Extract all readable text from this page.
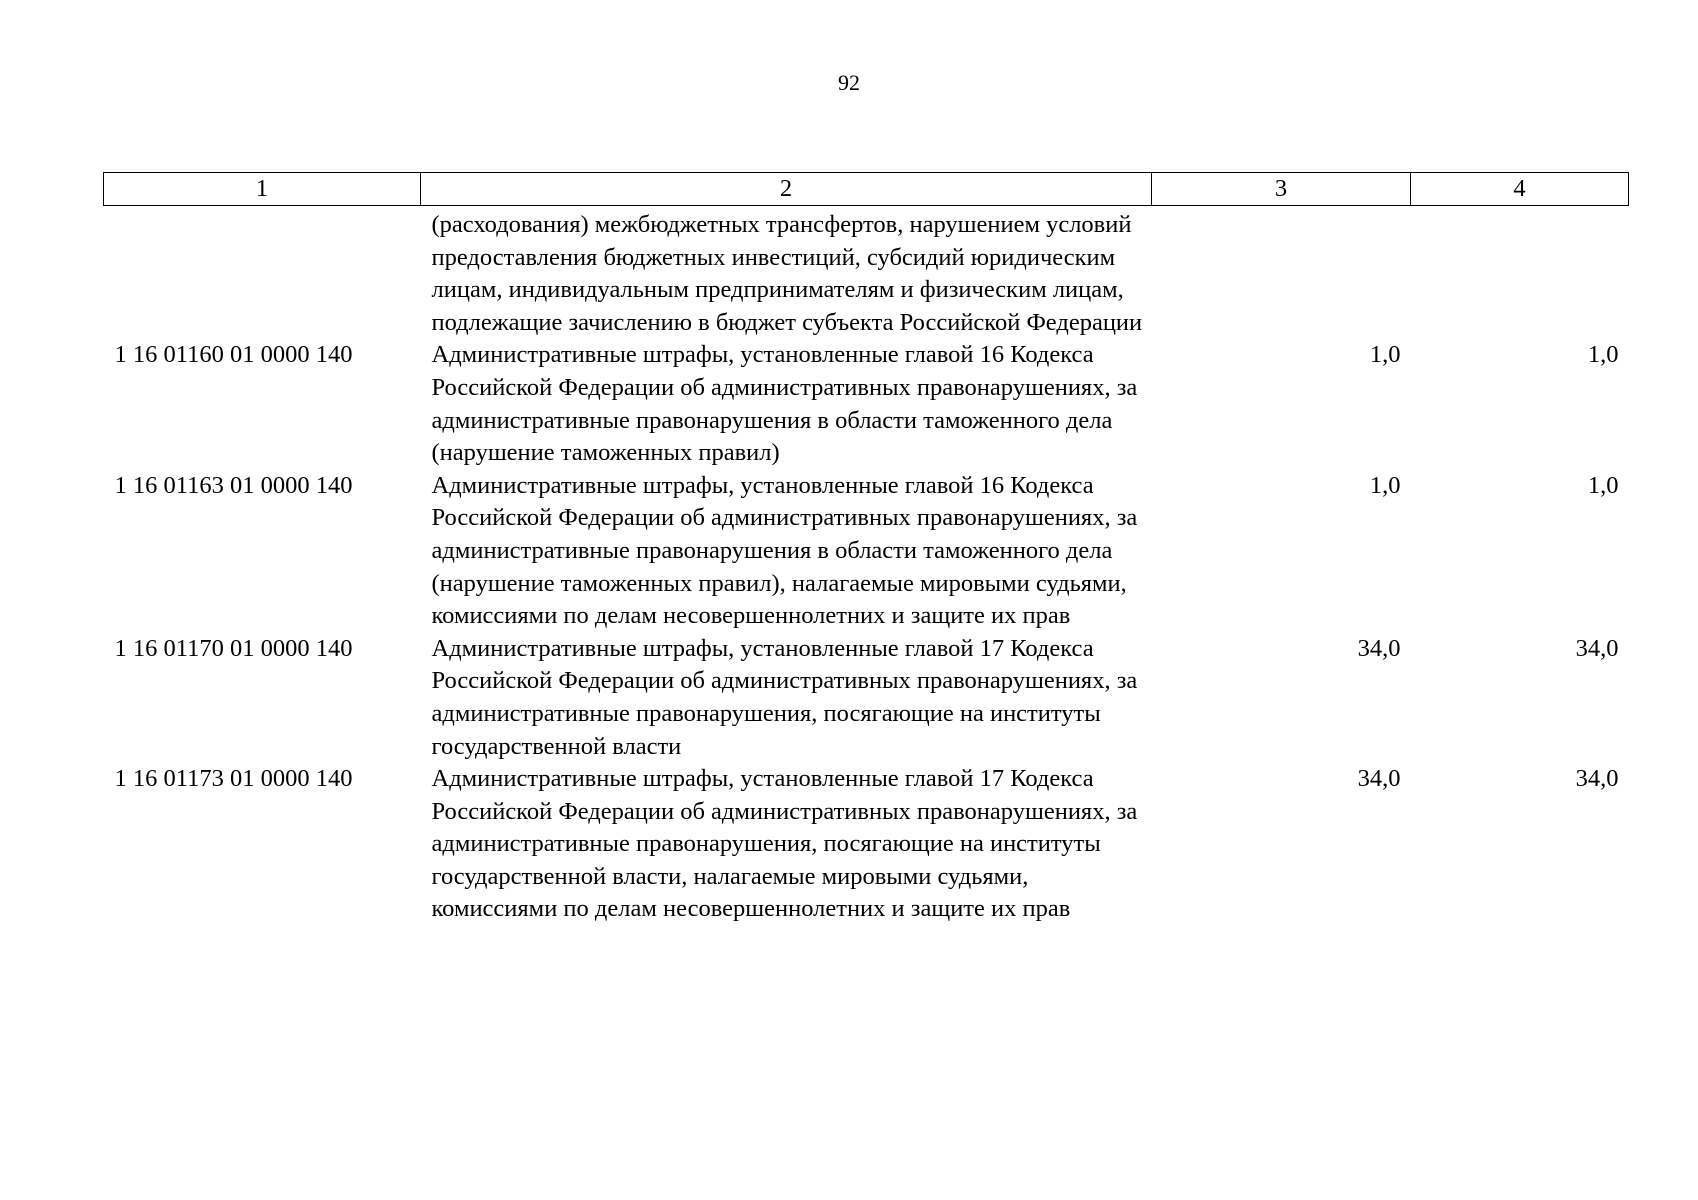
92
1	2	3	4
	(расходования) межбюджетных трансфертов, нарушением условий предоставления бюджетных инвестиций, субсидий юридическим лицам, индивидуальным предпринимателям и физическим лицам, подлежащие зачислению в бюджет субъекта Российской Федерации		
1 16 01160 01 0000 140	Административные штрафы, установленные главой 16 Кодекса Российской Федерации об административных правонарушениях, за административные правонарушения в области таможенного дела (нарушение таможенных правил)	1,0	1,0
1 16 01163 01 0000 140	Административные штрафы, установленные главой 16 Кодекса Российской Федерации об административных правонарушениях, за административные правонарушения в области таможенного дела (нарушение таможенных правил), налагаемые мировыми судьями, комиссиями по делам несовершеннолетних и защите их прав	1,0	1,0
1 16 01170 01 0000 140	Административные штрафы, установленные главой 17 Кодекса Российской Федерации об административных правонарушениях, за административные правонарушения, посягающие на институты государственной власти	34,0	34,0
1 16 01173 01 0000 140	Административные штрафы, установленные главой 17 Кодекса Российской Федерации об административных правонарушениях, за административные правонарушения, посягающие на институты государственной власти, налагаемые мировыми судьями, комиссиями по делам несовершеннолетних и защите их прав	34,0	34,0
